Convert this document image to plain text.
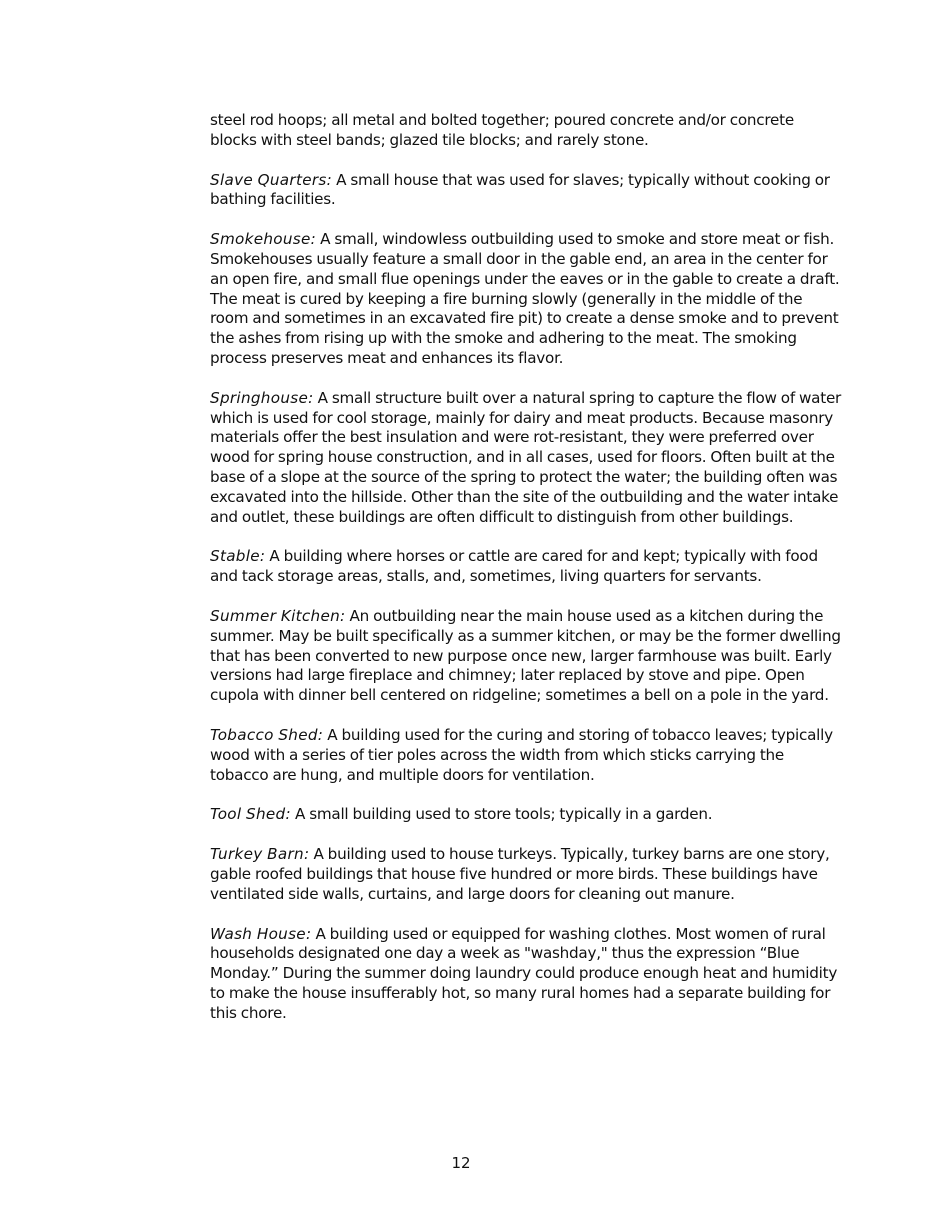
steel rod hoops; all metal and bolted together; poured concrete and/or concrete blocks with steel bands; glazed tile blocks; and rarely stone.

Slave Quarters: A small house that was used for slaves; typically without cooking or bathing facilities.

Smokehouse: A small, windowless outbuilding used to smoke and store meat or fish. Smokehouses usually feature a small door in the gable end, an area in the center for an open fire, and small flue openings under the eaves or in the gable to create a draft. The meat is cured by keeping a fire burning slowly (generally in the middle of the room and sometimes in an excavated fire pit) to create a dense smoke and to prevent the ashes from rising up with the smoke and adhering to the meat. The smoking process preserves meat and enhances its flavor.

Springhouse: A small structure built over a natural spring to capture the flow of water which is used for cool storage, mainly for dairy and meat products. Because masonry materials offer the best insulation and were rot-resistant, they were preferred over wood for spring house construction, and in all cases, used for floors. Often built at the base of a slope at the source of the spring to protect the water; the building often was excavated into the hillside. Other than the site of the outbuilding and the water intake and outlet, these buildings are often difficult to distinguish from other buildings.

Stable: A building where horses or cattle are cared for and kept; typically with food and tack storage areas, stalls, and, sometimes, living quarters for servants.

Summer Kitchen: An outbuilding near the main house used as a kitchen during the summer. May be built specifically as a summer kitchen, or may be the former dwelling that has been converted to new purpose once new, larger farmhouse was built. Early versions had large fireplace and chimney; later replaced by stove and pipe. Open cupola with dinner bell centered on ridgeline; sometimes a bell on a pole in the yard.

Tobacco Shed: A building used for the curing and storing of tobacco leaves; typically wood with a series of tier poles across the width from which sticks carrying the tobacco are hung, and multiple doors for ventilation.

Tool Shed: A small building used to store tools; typically in a garden.

Turkey Barn: A building used to house turkeys. Typically, turkey barns are one story, gable roofed buildings that house five hundred or more birds. These buildings have ventilated side walls, curtains, and large doors for cleaning out manure.

Wash House: A building used or equipped for washing clothes. Most women of rural households designated one day a week as "washday," thus the expression “Blue Monday.” During the summer doing laundry could produce enough heat and humidity to make the house insufferably hot, so many rural homes had a separate building for this chore.

12
